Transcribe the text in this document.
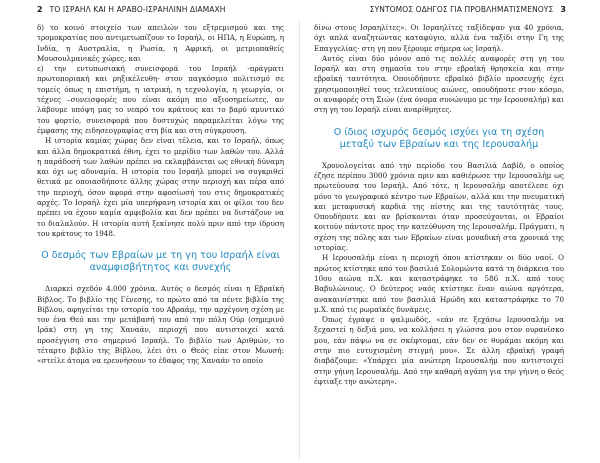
2 ΤΟ ΙΣΡΑΗΛ ΚΑΙ Η ΑΡΑΒΟ-ΙΣΡΑΗΛΙΝΗ ΔΙΑΜΑΧΗ

δ) το κοινό στοιχείο των απειλών του εξτρεμισμού και της τρομοκρατίας που αντιμετωπίζουν το Ισραήλ, οι ΗΠΑ, η Ευρώπη, η Ινδία, η Αυστραλία, η Ρωσία, η Αφρική, οι μετριοπαθείς Μουσουλμανικές χώρες, και

ε) την εντυπωσιακή συνεισφορά του Ισραήλ -πράγματι πρωτοποριακή και ρηξικέλευθη- στον παγκόσμιο πολιτισμό σε τομείς όπως η επιστήμη, η ιατρική, η τεχνολογία, η γεωργία, οι τέχνες –συνεισφορές που είναι ακόμη πιο αξιοσημείωτες, αν λάβουμε υπόψη μας το νεαρό του κράτους και το βαρύ αμυντικό του φορτίο, συνεισφορά που δυστυχώς παραμελείται λόγω της έμφασης της ειδησεογραφίας στη βία και στη σύγκρουση.

Η ιστορία καμίας χώρας δεν είναι τέλεια, και το Ισραήλ, όπως και άλλα δημοκρατικά έθνη, έχει το μερίδιο των λαθών του. Αλλά η παράδοσή των λαθών πρέπει να εκλαμβάνεται ως εθνική δύναμη και όχι ως αδυναμία. Η ιστορία του Ισραήλ μπορεί να συγκριθεί θετικά με οποιασδήποτε άλλης χώρας στην περιοχή και πέρα από την περιοχή, όσον αφορά στην αφοσίωσή του στις δημοκρατικές αρχές. Το Ισραήλ έχει μία υπερήφανη ιστορία και οι φίλοι του δεν πρέπει να έχουν καμία αμφιβολία και δεν πρέπει να διστάζουν να το διαλαλούν. Η ιστορία αυτή ξεκίνησε πολύ πριν από την ίδρυση του κράτους το 1948.

Ο δεσμός των Εβραίων με τη γη του Ισραήλ είναι αναμφισβήτητος και συνεχής

Διαρκεί σχεδόν 4.000 χρόνια. Αυτός ο δεσμός είναι η Εβραϊκή Βίβλος. Το βιβλίο της Γένεσης, το πρώτο από τα πέντε βιβλία της Βίβλου, αφηγείται την ιστορία του Αβραάμ, την αρχέγονη σχέση με τον ένα Θεό και την μετάβασή του από την πόλη Ούρ (σημερινό Ιράκ) στη γη της Χαναάν, περιοχή που αντιστοιχεί κατά προσέγγιση στο σημερινό Ισραήλ. Το βιβλίο των Αριθμών, το τέταρτο βιβλίο της Βίβλου, λέει ότι ο Θεός είπε στον Μωυσή: «στείλε άτομα να ερευνήσουν το έδαφος της Χαναάν το οποίο

ΣΥΝΤΟΜΟΣ ΟΔΗΓΟΣ ΓΙΑ ΠΡΟΒΛΗΜΑΤΙΣΜΕΝΟΥΣ 3

δίνω στους Ισραηλίτες». Οι Ισραηλίτες ταξίδεψαν για 40 χρόνια, όχι απλά αναζητώντας καταφύγιο, αλλά ένα ταξίδι στην Γη της Επαγγελίας· στη γη που ξέρουμε σήμερα ως Ισραήλ.

Αυτός είναι δύο μόνον από τις πολλές αναφορές στη γη του Ισραήλ και στη σημασία του στην εβραϊκή θρησκεία και στην εβραϊκή ταυτότητα. Οποιοδήποτε εβραϊκό βιβλίο προσευχής έχει χρησιμοποιηθεί τους τελευταίους αιώνες, οπουδήποτε στον κόσμο, οι αναφορές στη Σιών (ένα όνομα συνώνυμο με την Ιερουσαλήμ) και στη γη του Ισραήλ είναι αναρίθμητες.

Ο ίδιος ισχυρός δεσμός ισχύει για τη σχέση μεταξύ των Εβραίων και της Ιερουσαλήμ

Χρονολογείται από την περίοδο του Βασιλιά Δαβίδ, ο οποίος έζησε περίπου 3000 χρόνια πριν και καθιέρωσε την Ιερουσαλήμ ως πρωτεύουσα του Ισραήλ. Από τότε, η Ιερουσαλήμ αποτέλεσε όχι μόνο το γεωγραφικό κέντρο των Εβραίων, αλλά και την πνευματική και μεταφυσική καρδιά της πίστης και της ταυτότητάς τους. Οπουδήποτε και αν βρίσκονται όταν προσεύχονται, οι Εβραίοι κοιτούν πάντοτε προς την κατεύθυνση της Ιερουσαλήμ. Πράγματι, η σχέση της πόλης και των Εβραίων είναι μοναδική στα χρονικά της ιστορίας.

Η Ιερουσαλήμ είναι η περιοχή όπου κτίστηκαν οι δύο ναοί. Ο πρώτος κτίστηκε από τον βασιλιά Σολομώντα κατά τη διάρκεια του 10ου αιώνα π.Χ. και καταστράφηκε το 586 π.Χ. από τους Βαβυλώνιους. Ο δεύτερος ναός κτίστηκε έναν αιώνα αργότερα, ανακαινίστηκε από τον βασιλιά Ηρώδη και καταστράφηκε το 70 μ.Χ. από τις ρωμαϊκές δυνάμεις.

Όπως έγραψε ο ψαλμωδός, «εάν σε ξεχάσω Ιερουσαλήμ να ξεχαστεί η δεξιά μου, να κολλήσει η γλώσσα μου στον ουρανίσκο μου, εάν πάψω να σε σκέφτομαι, εάν δεν σε θυμάμαι ακόμη και στην πιο ευτυχισμένη στιγμή μου». Σε άλλη εβραϊκή γραφή διαβάζουμε: «Υπάρχει μία ανώτερη Ιερουσαλήμ που αντιστοιχεί στην γήινη Ιερουσαλήμ. Από την καθαρή αγάπη για την γήινη ο θεός έφτιαξε την ανώτερη».
